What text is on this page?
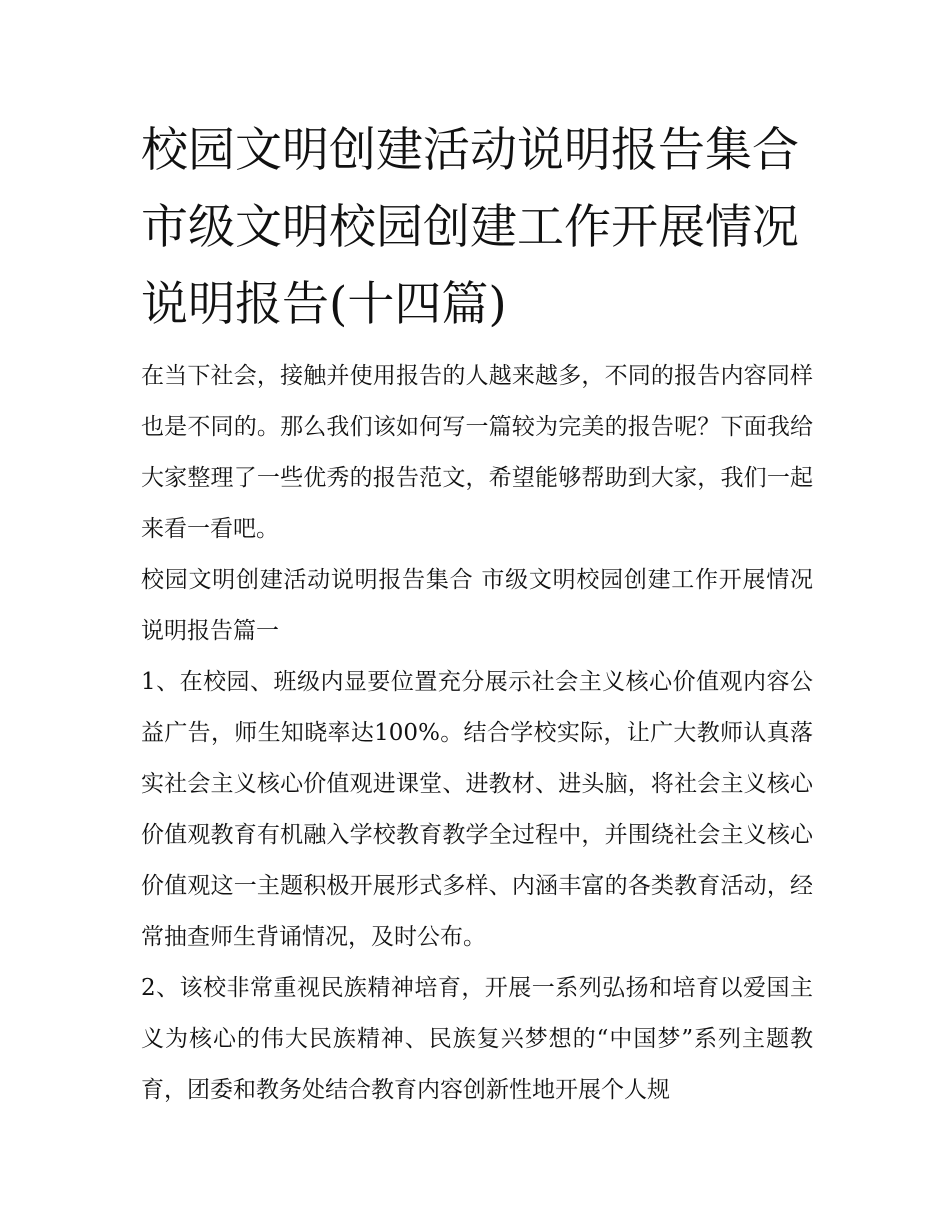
校园文明创建活动说明报告集合 市级文明校园创建工作开展情况说明报告(十四篇)

在当下社会，接触并使用报告的人越来越多，不同的报告内容同样也是不同的。那么我们该如何写一篇较为完美的报告呢？下面我给大家整理了一些优秀的报告范文，希望能够帮助到大家，我们一起来看一看吧。

校园文明创建活动说明报告集合 市级文明校园创建工作开展情况说明报告篇一

1、在校园、班级内显要位置充分展示社会主义核心价值观内容公益广告，师生知晓率达100%。结合学校实际，让广大教师认真落实社会主义核心价值观进课堂、进教材、进头脑，将社会主义核心价值观教育有机融入学校教育教学全过程中，并围绕社会主义核心价值观这一主题积极开展形式多样、内涵丰富的各类教育活动，经常抽查师生背诵情况，及时公布。

2、该校非常重视民族精神培育，开展一系列弘扬和培育以爱国主义为核心的伟大民族精神、民族复兴梦想的“中国梦”系列主题教育，团委和教务处结合教育内容创新性地开展个人规
